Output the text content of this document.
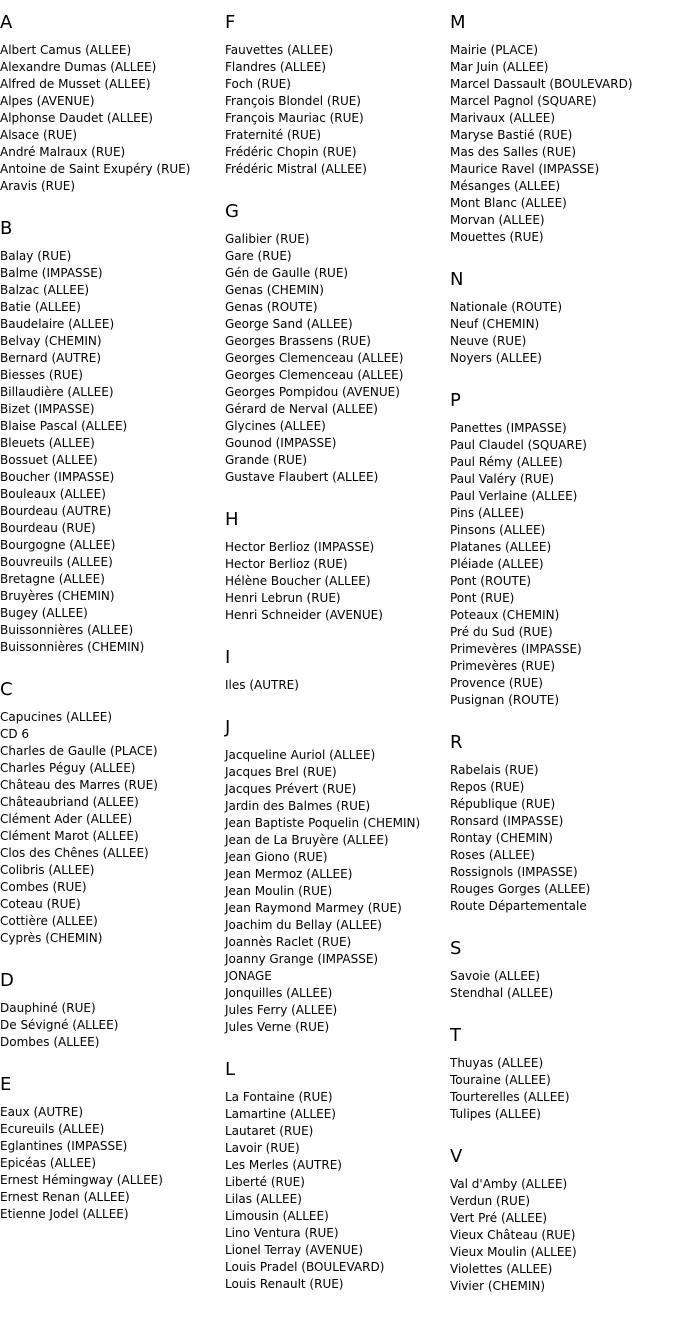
A
Albert Camus (ALLEE)
Alexandre Dumas (ALLEE)
Alfred de Musset (ALLEE)
Alpes (AVENUE)
Alphonse Daudet (ALLEE)
Alsace (RUE)
André Malraux (RUE)
Antoine de Saint Exupéry (RUE)
Aravis (RUE)
B
Balay (RUE)
Balme (IMPASSE)
Balzac (ALLEE)
Batie (ALLEE)
Baudelaire (ALLEE)
Belvay (CHEMIN)
Bernard (AUTRE)
Biesses (RUE)
Billaudière (ALLEE)
Bizet (IMPASSE)
Blaise Pascal (ALLEE)
Bleuets (ALLEE)
Bossuet (ALLEE)
Boucher (IMPASSE)
Bouleaux (ALLEE)
Bourdeau (AUTRE)
Bourdeau (RUE)
Bourgogne (ALLEE)
Bouvreuils (ALLEE)
Bretagne (ALLEE)
Bruyères (CHEMIN)
Bugey (ALLEE)
Buissonnières (ALLEE)
Buissonnières (CHEMIN)
C
Capucines (ALLEE)
CD 6
Charles de Gaulle (PLACE)
Charles Péguy (ALLEE)
Château des Marres (RUE)
Châteaubriand (ALLEE)
Clément Ader (ALLEE)
Clément Marot (ALLEE)
Clos des Chênes (ALLEE)
Colibris (ALLEE)
Combes (RUE)
Coteau (RUE)
Cottière (ALLEE)
Cyprès (CHEMIN)
D
Dauphiné (RUE)
De Sévigné (ALLEE)
Dombes (ALLEE)
E
Eaux (AUTRE)
Ecureuils (ALLEE)
Eglantines (IMPASSE)
Epicéas (ALLEE)
Ernest Hémingway (ALLEE)
Ernest Renan (ALLEE)
Etienne Jodel (ALLEE)
F
Fauvettes (ALLEE)
Flandres (ALLEE)
Foch (RUE)
François Blondel (RUE)
François Mauriac (RUE)
Fraternité (RUE)
Frédéric Chopin (RUE)
Frédéric Mistral (ALLEE)
G
Galibier (RUE)
Gare (RUE)
Gén de Gaulle (RUE)
Genas (CHEMIN)
Genas (ROUTE)
George Sand (ALLEE)
Georges Brassens (RUE)
Georges Clemenceau (ALLEE)
Georges Clemenceau (ALLEE)
Georges Pompidou (AVENUE)
Gérard de Nerval (ALLEE)
Glycines (ALLEE)
Gounod (IMPASSE)
Grande (RUE)
Gustave Flaubert (ALLEE)
H
Hector Berlioz (IMPASSE)
Hector Berlioz (RUE)
Hélène Boucher (ALLEE)
Henri Lebrun (RUE)
Henri Schneider (AVENUE)
I
Iles (AUTRE)
J
Jacqueline Auriol (ALLEE)
Jacques Brel (RUE)
Jacques Prévert (RUE)
Jardin des Balmes (RUE)
Jean Baptiste Poquelin (CHEMIN)
Jean de La Bruyère (ALLEE)
Jean Giono (RUE)
Jean Mermoz (ALLEE)
Jean Moulin (RUE)
Jean Raymond Marmey (RUE)
Joachim du Bellay (ALLEE)
Joannès Raclet (RUE)
Joanny Grange (IMPASSE)
JONAGE
Jonquilles (ALLEE)
Jules Ferry (ALLEE)
Jules Verne (RUE)
L
La Fontaine (RUE)
Lamartine (ALLEE)
Lautaret (RUE)
Lavoir (RUE)
Les Merles (AUTRE)
Liberté (RUE)
Lilas (ALLEE)
Limousin (ALLEE)
Lino Ventura (RUE)
Lionel Terray (AVENUE)
Louis Pradel (BOULEVARD)
Louis Renault (RUE)
M
Mairie (PLACE)
Mar Juin (ALLEE)
Marcel Dassault (BOULEVARD)
Marcel Pagnol (SQUARE)
Marivaux (ALLEE)
Maryse Bastié (RUE)
Mas des Salles (RUE)
Maurice Ravel (IMPASSE)
Mésanges (ALLEE)
Mont Blanc (ALLEE)
Morvan (ALLEE)
Mouettes (RUE)
N
Nationale (ROUTE)
Neuf (CHEMIN)
Neuve (RUE)
Noyers (ALLEE)
P
Panettes (IMPASSE)
Paul Claudel (SQUARE)
Paul Rémy (ALLEE)
Paul Valéry (RUE)
Paul Verlaine (ALLEE)
Pins (ALLEE)
Pinsons (ALLEE)
Platanes (ALLEE)
Pléiade (ALLEE)
Pont (ROUTE)
Pont (RUE)
Poteaux (CHEMIN)
Pré du Sud (RUE)
Primevères (IMPASSE)
Primevères (RUE)
Provence (RUE)
Pusignan (ROUTE)
R
Rabelais (RUE)
Repos (RUE)
République (RUE)
Ronsard (IMPASSE)
Rontay (CHEMIN)
Roses (ALLEE)
Rossignols (IMPASSE)
Rouges Gorges (ALLEE)
Route Départementale
S
Savoie (ALLEE)
Stendhal (ALLEE)
T
Thuyas (ALLEE)
Touraine (ALLEE)
Tourterelles (ALLEE)
Tulipes (ALLEE)
V
Val d'Amby (ALLEE)
Verdun (RUE)
Vert Pré (ALLEE)
Vieux Château (RUE)
Vieux Moulin (ALLEE)
Violettes (ALLEE)
Vivier (CHEMIN)
